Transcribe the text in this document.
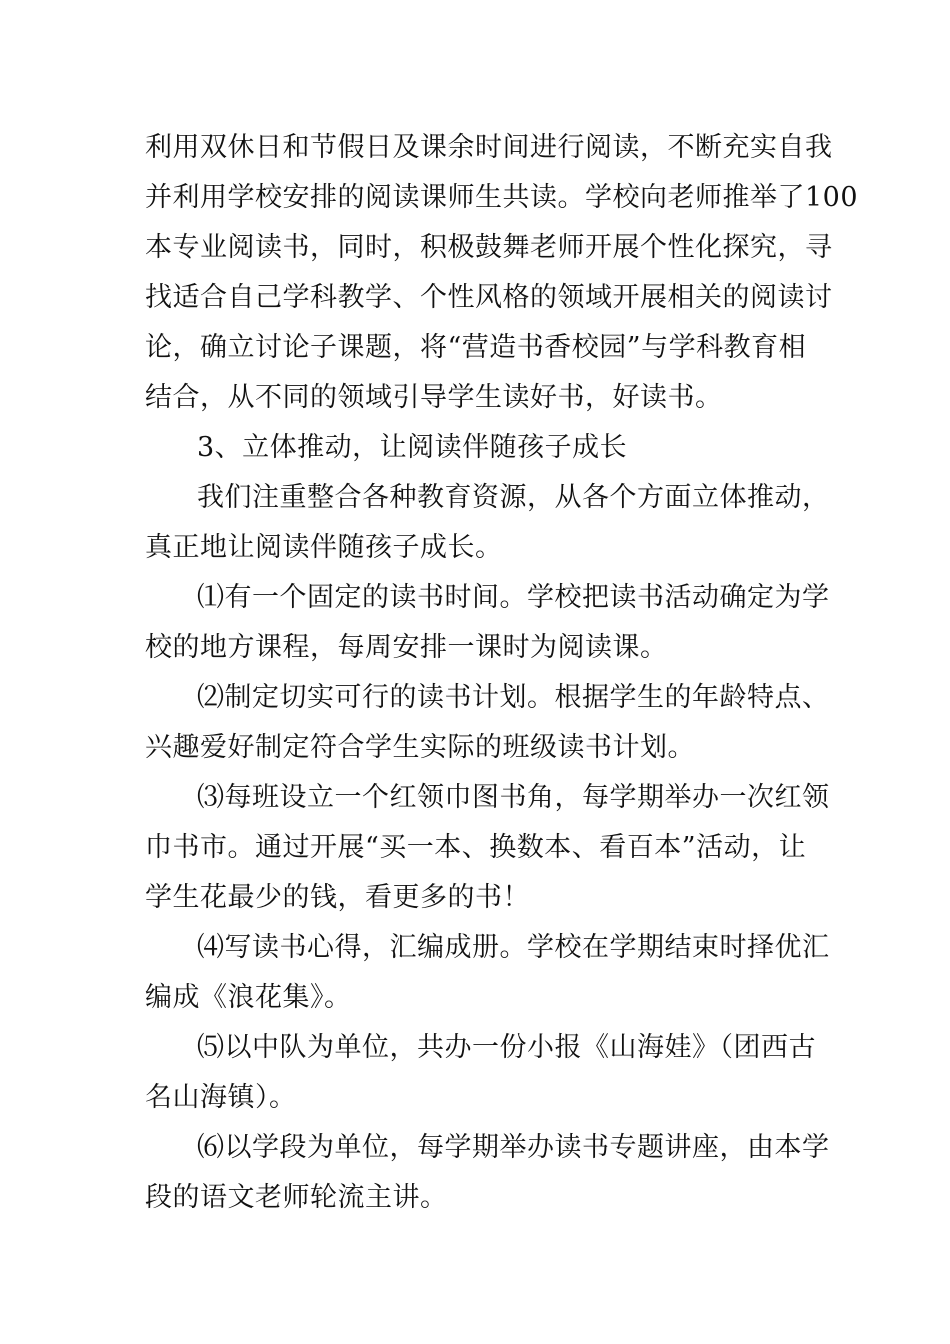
利用双休日和节假日及课余时间进行阅读，不断充实自我
并利用学校安排的阅读课师生共读。学校向老师推举了100
本专业阅读书，同时，积极鼓舞老师开展个性化探究，寻
找适合自己学科教学、个性风格的领域开展相关的阅读讨
论，确立讨论子课题，将“营造书香校园”与学科教育相
结合，从不同的领域引导学生读好书，好读书。
3、立体推动，让阅读伴随孩子成长
我们注重整合各种教育资源，从各个方面立体推动，
真正地让阅读伴随孩子成长。
⑴有一个固定的读书时间。学校把读书活动确定为学
校的地方课程，每周安排一课时为阅读课。
⑵制定切实可行的读书计划。根据学生的年龄特点、
兴趣爱好制定符合学生实际的班级读书计划。
⑶每班设立一个红领巾图书角，每学期举办一次红领
巾书市。通过开展“买一本、换数本、看百本”活动，让
学生花最少的钱，看更多的书！
⑷写读书心得，汇编成册。学校在学期结束时择优汇
编成《浪花集》。
⑸以中队为单位，共办一份小报《山海娃》（团西古
名山海镇）。
⑹以学段为单位，每学期举办读书专题讲座，由本学
段的语文老师轮流主讲。
